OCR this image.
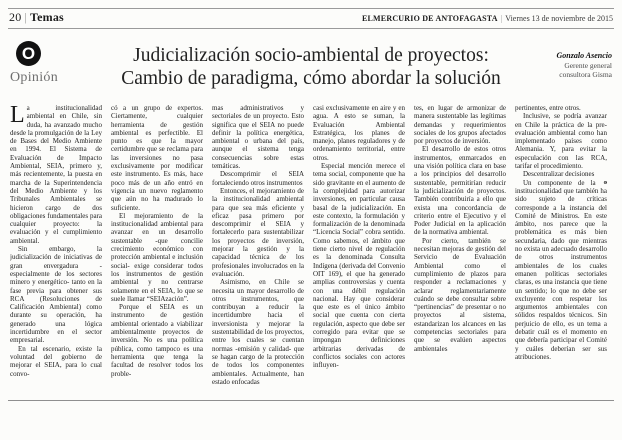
20 | Temas	ELMERCURIO DE ANTOFAGASTA | Viernes 13 de noviembre de 2015
O
Opinión
Judicialización socio-ambiental de proyectos:
Cambio de paradigma, cómo abordar la solución
Gonzalo Asencio
Gerente general
consultora Gisma

La institucionalidad ambiental en Chile, sin duda, ha avanzado mucho desde la promulgación de la Ley de Bases del Medio Ambiente en 1994. El Sistema de Evaluación de Impacto Ambiental, SEIA, primero y, más recientemente, la puesta en marcha de la Superintendencia del Medio Ambiente y los Tribunales Ambientales se hicieron cargo de dos obligaciones fundamentales para cualquier proyecto: la evaluación y el cumplimiento ambiental.

Sin embargo, la judicialización de iniciativas de gran envergadura -especialmente de los sectores minero y energético- tanto en la fase previa para obtener sus RCA (Resoluciones de Calificación Ambiental) como durante su operación, ha generado una lógica incertidumbre en el sector empresarial.

En tal escenario, existe la voluntad del gobierno de mejorar el SEIA, para lo cual convo-

có a un grupo de expertos. Ciertamente, cualquier herramienta de gestión ambiental es perfectible. El punto es que la mayor certidumbre que se reclama para las inversiones no pasa exclusivamente por modificar este instrumento. Es más, hace poco más de un año entró en vigencia un nuevo reglamento que aún no ha madurado lo suficiente.

El mejoramiento de la institucionalidad ambiental para avanzar en un desarrollo sustentable -que concilie crecimiento económico con protección ambiental e inclusión social- exige considerar todos los instrumentos de gestión ambiental y no centrarse solamente en el SEIA, lo que se suele llamar “SEIAzación”.

Porque el SEIA es un instrumento de gestión ambiental orientado a viabilizar ambientalmente proyectos de inversión. No es una política pública, como tampoco es una herramienta que tenga la facultad de resolver todos los proble-

mas administrativos y sectoriales de un proyecto. Esto significa que el SEIA no puede definir la política energética, ambiental o urbana del país, aunque el sistema tenga consecuencias sobre estas temáticas.

Descomprimir el SEIA fortaleciendo otros instrumentos

Entonces, el mejoramiento de la institucionalidad ambiental para que sea más eficiente y eficaz pasa primero por descomprimir el SEIA y fortalecerlo para sustentabilizar los proyectos de inversión, mejorar la gestión y la capacidad técnica de los profesionales involucrados en la evaluación.

Asimismo, en Chile se necesita un mayor desarrollo de otros instrumentos, que contribuyan a reducir la incertidumbre hacia el inversionista y mejorar la sustentabilidad de los proyectos, entre los cuales se cuentan normas -emisión y calidad- que se hagan cargo de la protección de todos los componentes ambientales. Actualmente, han estado enfocadas

casi exclusivamente en aire y en agua. A esto se suman, la Evaluación Ambiental Estratégica, los planes de manejo, planes reguladores y de ordenamiento territorial, entre otros.

Especial mención merece el tema social, componente que ha sido gravitante en el aumento de la complejidad para autorizar inversiones, en particular causa basal de la judicialización. En este contexto, la formulación y formalización de la denominada “Licencia Social” cobra sentido. Como sabemos, el ámbito que tiene cierto nivel de regulación es la denominada Consulta Indígena (derivada del Convenio OIT 169), el que ha generado amplias controversias y cuenta con una débil regulación nacional. Hay que considerar que este es el único ámbito social que cuenta con cierta regulación, aspecto que debe ser corregido para evitar que se impongan definiciones arbitrarias derivadas de conflictos sociales con actores influyen-

tes, en lugar de armonizar de manera sustentable las legítimas demandas y requerimientos sociales de los grupos afectados por proyectos de inversión.

El desarrollo de estos otros instrumentos, enmarcados en una visión política clara en base a los principios del desarrollo sustentable, permitirían reducir la judicialización de proyectos. También contribuiría a ello que exista una concordancia de criterio entre el Ejecutivo y el Poder Judicial en la aplicación de la normativa ambiental.

Por cierto, también se necesitan mejoras de gestión del Servicio de Evaluación Ambiental como el cumplimiento de plazos para responder a reclamaciones y aclarar reglamentariamente cuándo se debe consultar sobre “pertinencias” de presentar o no proyectos al sistema, estandarizan los alcances en las competencias sectoriales para que se evalúen aspectos ambientales

pertinentes, entre otros.

Inclusive, se podría avanzar en Chile la práctica de la pre-evaluación ambiental como han implementado países como Alemania. Y, para evitar la especulación con las RCA, tarifar el procedimiento.

Descentralizar decisiones

os
Un componente de la institucionalidad que también ha sido sujeto de críticas corresponde a la instancia del Comité de Ministros. En este ámbito, nos parece que la problemática es más bien secundaria, dado que mientras no exista un adecuado desarrollo de otros instrumentos ambientales de los cuales emanen políticas sectoriales claras, es una instancia que tiene un sentido; lo que no debe ser excluyente con respetar los argumentos ambientales con sólidos respaldos técnicos. Sin perjuicio de ello, es un tema a debatir cuál es el momento en que debería participar el Comité y cuáles deberían ser sus atribuciones.
